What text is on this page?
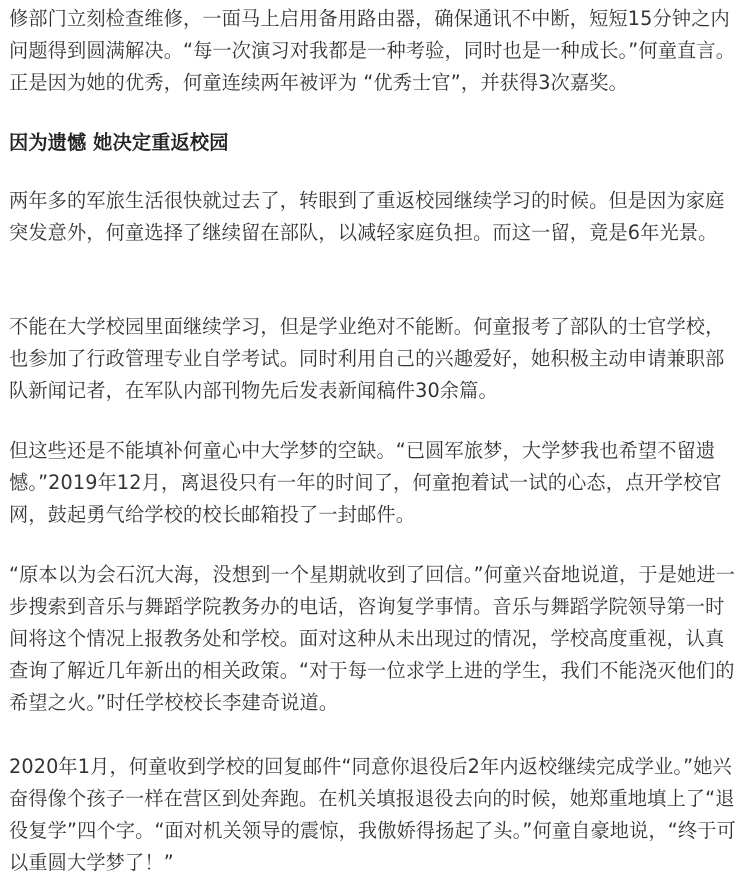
修部门立刻检查维修，一面马上启用备用路由器，确保通讯不中断，短短15分钟之内问题得到圆满解决。“每一次演习对我都是一种考验，同时也是一种成长。”何童直言。正是因为她的优秀，何童连续两年被评为 “优秀士官”，并获得3次嘉奖。

因为遗憾 她决定重返校园

两年多的军旅生活很快就过去了，转眼到了重返校园继续学习的时候。但是因为家庭突发意外，何童选择了继续留在部队，以减轻家庭负担。而这一留，竟是6年光景。

不能在大学校园里面继续学习，但是学业绝对不能断。何童报考了部队的士官学校，也参加了行政管理专业自学考试。同时利用自己的兴趣爱好，她积极主动申请兼职部队新闻记者，在军队内部刊物先后发表新闻稿件30余篇。

但这些还是不能填补何童心中大学梦的空缺。“已圆军旅梦，大学梦我也希望不留遗憾。”2019年12月，离退役只有一年的时间了，何童抱着试一试的心态，点开学校官网，鼓起勇气给学校的校长邮箱投了一封邮件。

“原本以为会石沉大海，没想到一个星期就收到了回信。”何童兴奋地说道，于是她进一步搜索到音乐与舞蹈学院教务办的电话，咨询复学事情。音乐与舞蹈学院领导第一时间将这个情况上报教务处和学校。面对这种从未出现过的情况，学校高度重视，认真查询了解近几年新出的相关政策。“对于每一位求学上进的学生，我们不能浇灭他们的希望之火。”时任学校校长李建奇说道。

2020年1月，何童收到学校的回复邮件“同意你退役后2年内返校继续完成学业。”她兴奋得像个孩子一样在营区到处奔跑。在机关填报退役去向的时候，她郑重地填上了“退役复学”四个字。“面对机关领导的震惊，我傲娇得扬起了头。”何童自豪地说，“终于可以重圆大学梦了！”
